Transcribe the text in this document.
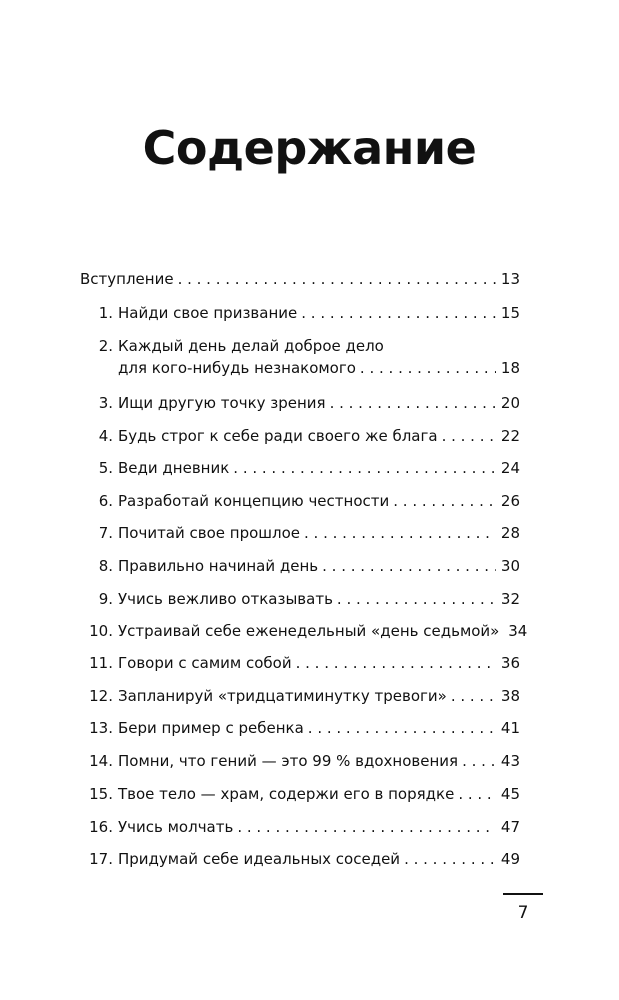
Содержание
Вступление . . .	13
1. Найди свое призвание . . .	15
2. Каждый день делай доброе дело
для кого-нибудь незнакомого . . .	18
3. Ищи другую точку зрения . . .	20
4. Будь строг к себе ради своего же блага . . .	22
5. Веди дневник . . .	24
6. Разработай концепцию честности . . .	26
7. Почитай свое прошлое . . .	28
8. Правильно начинай день . . .	30
9. Учись вежливо отказывать . . .	32
10. Устраивай себе еженедельный «день седьмой» 34
11. Говори с самим собой . . .	36
12. Запланируй «тридцатиминутку тревоги» . . .	38
13. Бери пример с ребенка . . .	41
14. Помни, что гений — это 99 % вдохновения . . .	43
15. Твое тело — храм, содержи его в порядке . . .	45
16. Учись молчать . . .	47
17. Придумай себе идеальных соседей . . .	49
7
